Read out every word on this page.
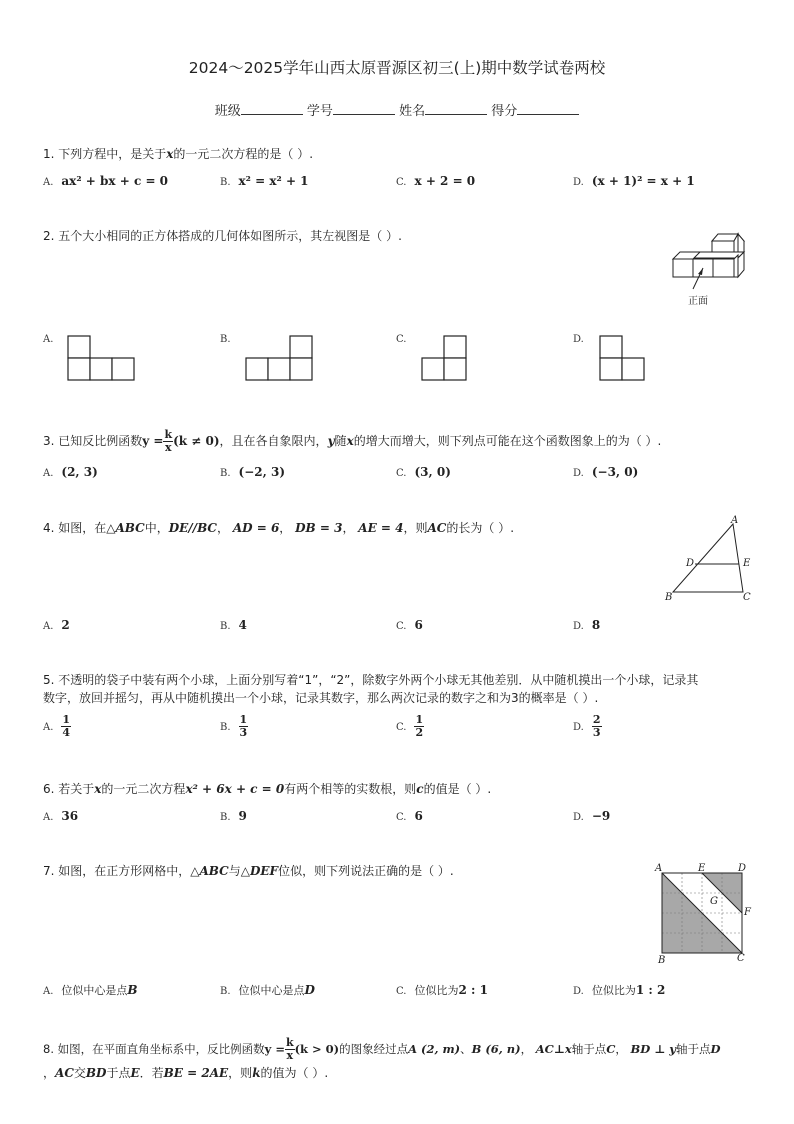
2024～2025学年山西太原晋源区初三(上)期中数学试卷两校
班级	学号	姓名	得分
1. 下列方程中，是关于x的一元二次方程的是（ ）.
A. ax² + bx + c = 0	B. x² = x² + 1	C. x + 2 = 0	D. (x + 1)² = x + 1
2. 五个大小相同的正方体搭成的几何体如图所示，其左视图是（ ）.
正面
A.	B.	C.	D.
3. 已知反比例函数$y = \frac{k}{x} (k \ne 0)$，且在各自象限内，y随x的增大而增大，则下列点可能在这个函数图象上的为（ ）.
A. (2, 3)	B. (−2, 3)	C. (3, 0)	D. (−3, 0)
4. 如图，在△ABC中，DE//BC， AD = 6， DB = 3， AE = 4，则AC的长为（ ）.
A
D	E
B	C
A. 2	B. 4	C. 6	D. 8
5. 不透明的袋子中装有两个小球，上面分别写着“1”，“2”，除数字外两个小球无其他差别．从中随机摸出一个小球，记录其
数字，放回并摇匀，再从中随机摸出一个小球，记录其数字，那么两次记录的数字之和为3的概率是（ ）.
A. $\frac{1}{4}$	B. $\frac{1}{3}$	C. $\frac{1}{2}$	D. $\frac{2}{3}$
6. 若关于x的一元二次方程x² + 6x + c = 0有两个相等的实数根，则c的值是（ ）.
A. 36	B. 9	C. 6	D. −9
7. 如图，在正方形网格中，△ABC与△DEF位似，则下列说法正确的是（ ）.	A	E	D
G
F
B	C
A. 位似中心是点B	B. 位似中心是点D	C. 位似比为2 : 1	D. 位似比为1 : 2
8. 如图，在平面直角坐标系中，反比例函数$y = \frac{k}{x} (k > 0)$的图象经过点A (2, m)、B (6, n)， AC⊥x轴于点C， BD ⊥ y轴于点D
，AC交BD于点E．若BE = 2AE，则k的值为（ ）.
